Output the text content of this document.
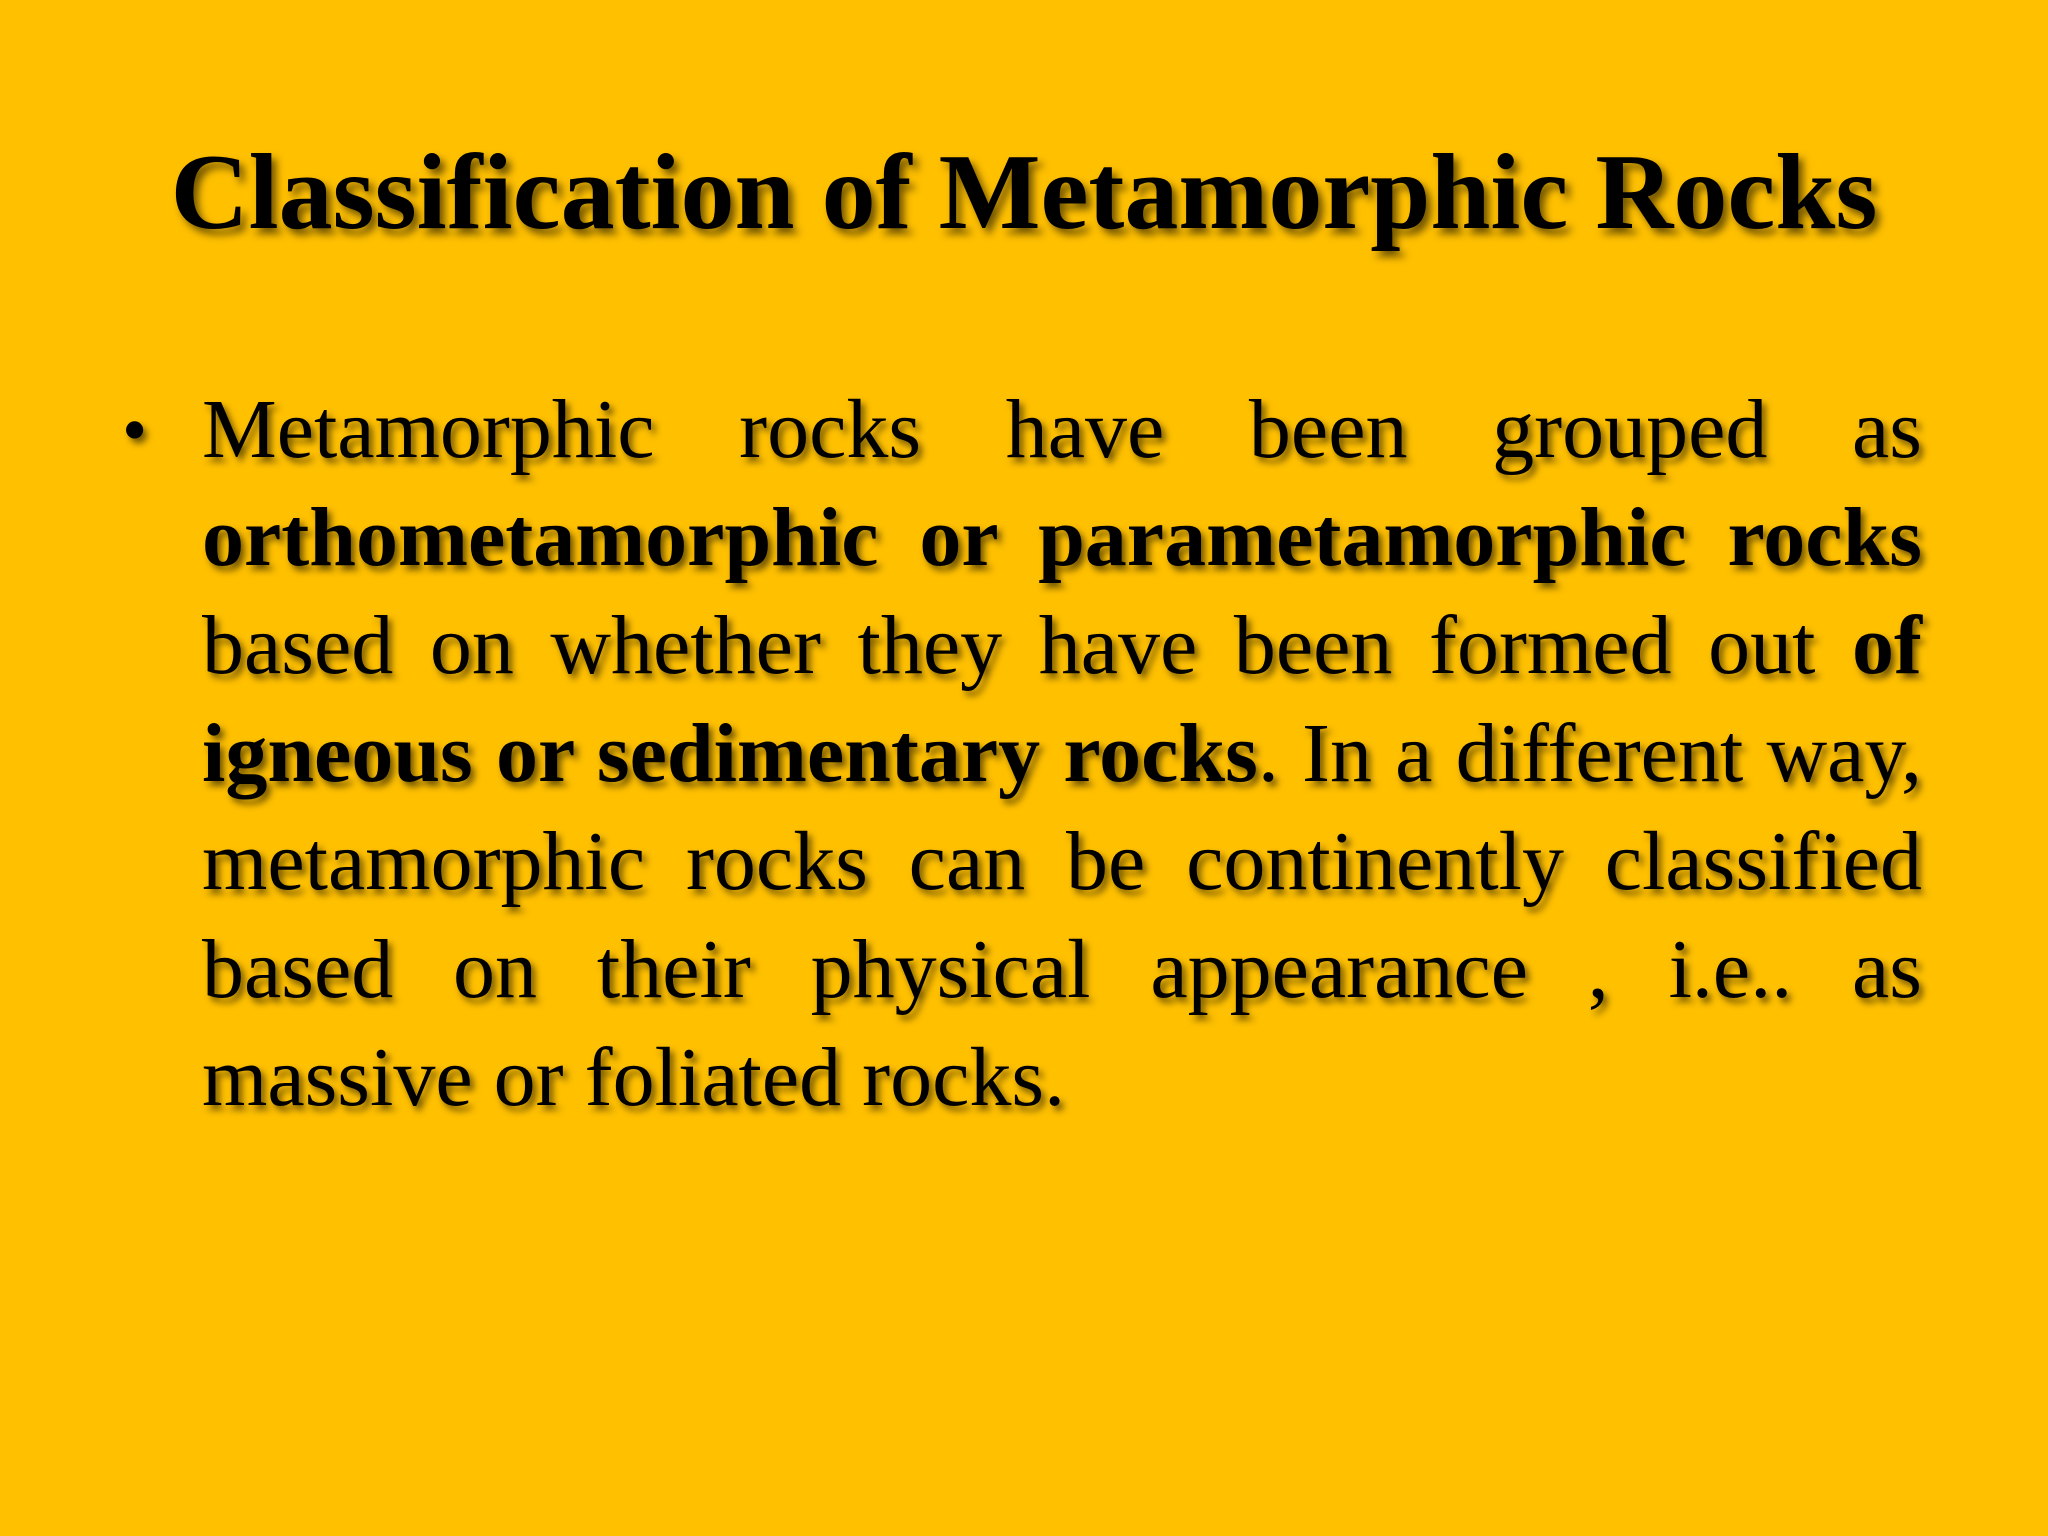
Classification of Metamorphic Rocks
• Metamorphic rocks have been grouped as orthometamorphic or parametamorphic rocks based on whether they have been formed out of igneous or sedimentary rocks. In a different way, metamorphic rocks can be continently classified based on their physical appearance , i.e.. as massive or foliated rocks.
